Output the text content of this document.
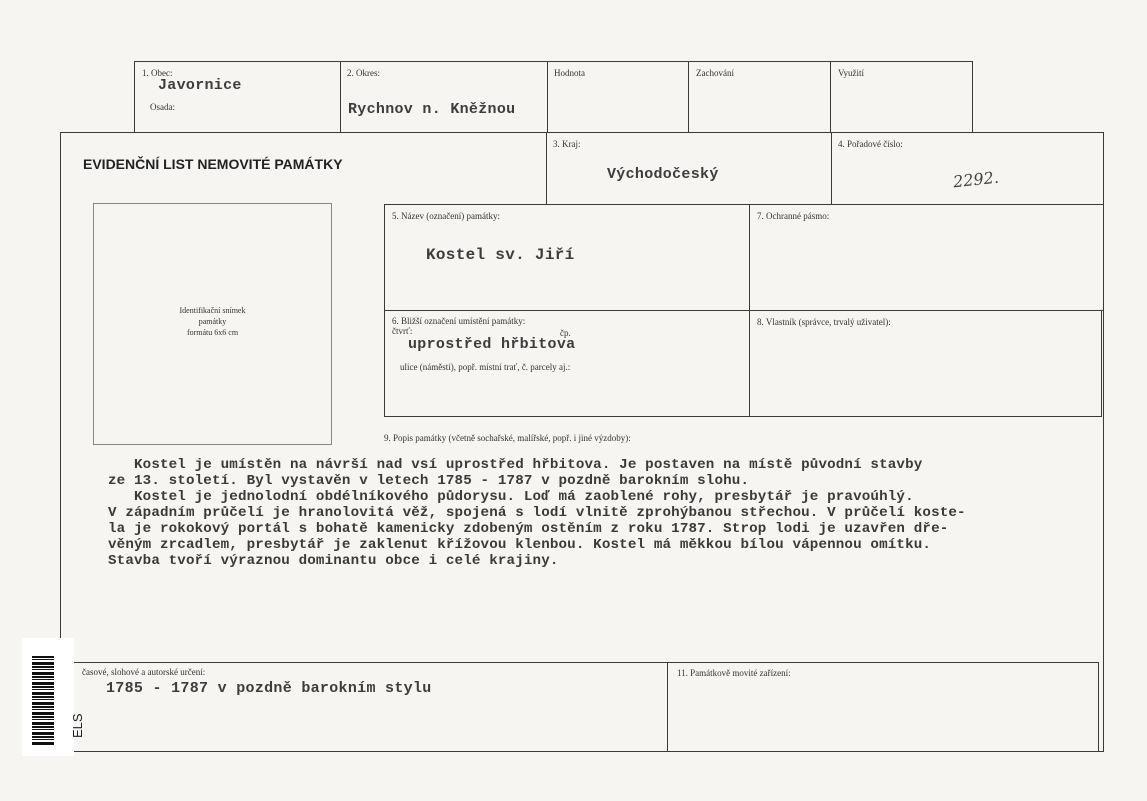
1. Obec:
Javornice
Osada:
2. Okres:
Rychnov n. Kněžnou
Hodnota	Zachování	Využití
EVIDENČNÍ LIST NEMOVITÉ PAMÁTKY
3. Kraj:
Východočeský
4. Pořadové číslo:
2292.
Identifikační snímek
památky
formátu 6x6 cm
5. Název (označení) památky:
Kostel sv. Jiří
7. Ochranné pásmo:
6. Bližší označení umístění památky:
čtvrť:	čp.
uprostřed hřbitova
ulice (náměstí), popř. místní trať, č. parcely aj.:
8. Vlastník (správce, trvalý uživatel):
9. Popis památky (včetně sochařské, malířské, popř. i jiné výzdoby):
Kostel je umístěn na návrší nad vsí uprostřed hřbitova. Je postaven na místě původní stavby
ze 13. století. Byl vystavěn v letech 1785 - 1787 v pozdně barokním slohu.
Kostel je jednolodní obdélníkového půdorysu. Loď má zaoblené rohy, presbytář je pravoúhlý.
V západním průčelí je hranolovitá věž, spojená s lodí vlnitě zprohýbanou střechou. V průčelí koste-
la je rokokový portál s bohatě kamenicky zdobeným ostěním z roku 1787. Strop lodi je uzavřen dře-
věným zrcadlem, presbytář je zaklenut křížovou klenbou. Kostel má měkkou bílou vápennou omítku.
Stavba tvoří výraznou dominantu obce i celé krajiny.
časové, slohové a autorské určení:
1785 - 1787 v pozdně barokním stylu
11. Památkově movité zařízení:
ELS
